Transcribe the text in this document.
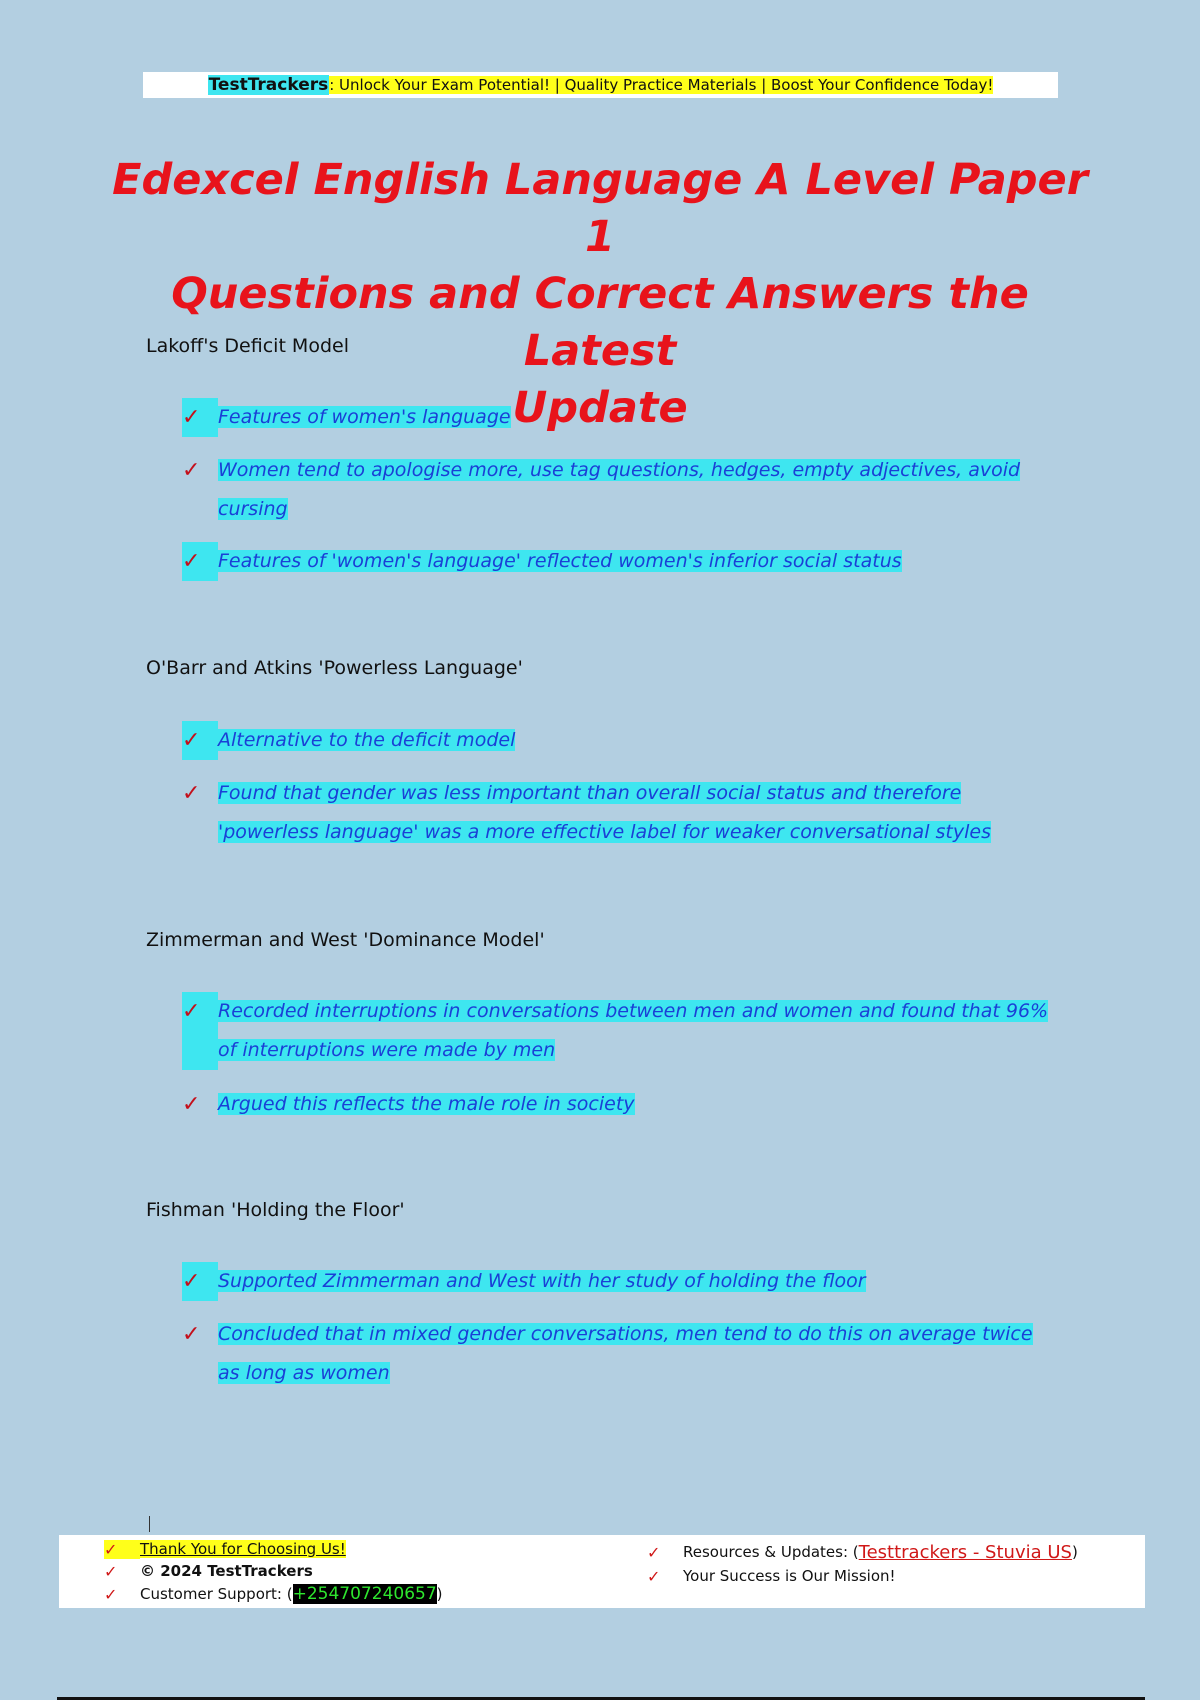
TestTrackers : Unlock Your Exam Potential! | Quality Practice Materials | Boost Your Confidence Today!
Edexcel English Language A Level Paper 1
Questions and Correct Answers the Latest
Update

Lakoff's Deficit Model

✓ Features of women's language
✓ Women tend to apologise more, use tag questions, hedges, empty adjectives, avoid cursing
✓ Features of 'women's language' reflected women's inferior social status

O'Barr and Atkins 'Powerless Language'

✓ Alternative to the deficit model
✓ Found that gender was less important than overall social status and therefore 'powerless language' was a more effective label for weaker conversational styles

Zimmerman and West 'Dominance Model'

✓ Recorded interruptions in conversations between men and women and found that 96% of interruptions were made by men
✓ Argued this reflects the male role in society

Fishman 'Holding the Floor'

✓ Supported Zimmerman and West with her study of holding the floor
✓ Concluded that in mixed gender conversations, men tend to do this on average twice as long as women
✓	Thank You for Choosing Us!
✓	© 2024 TestTrackers
✓	Customer Support: ( +254707240657 )
✓	Resources & Updates: ( Testtrackers - Stuvia US )
✓	Your Success is Our Mission!
